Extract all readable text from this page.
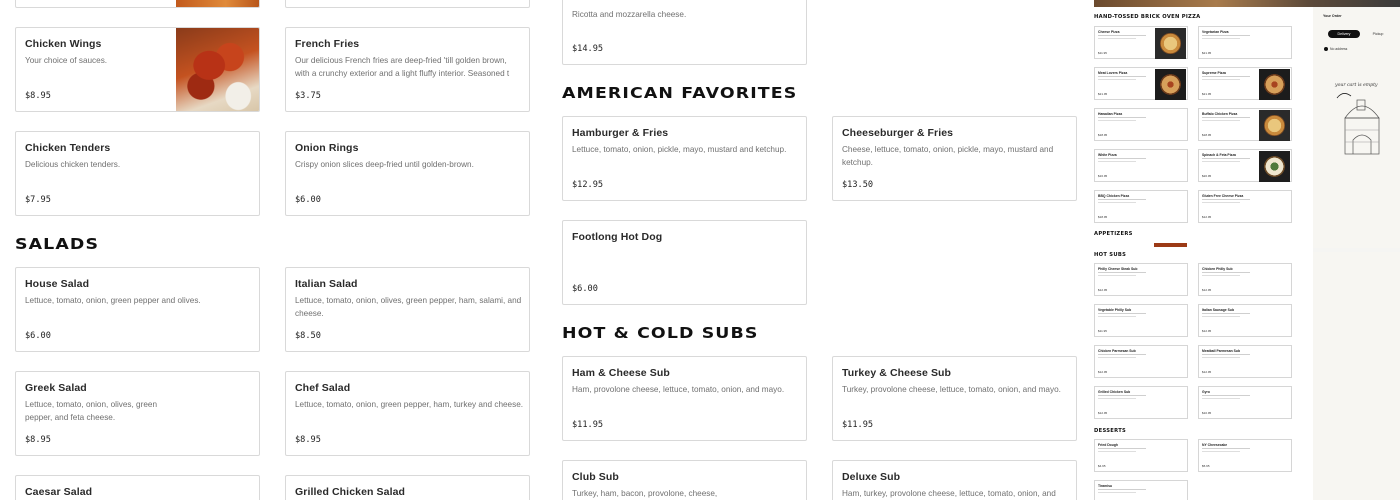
Chicken Wings
Your choice of sauces.
$8.95
French Fries
Our delicious French fries are deep-fried 'till golden brown,
with a crunchy exterior and a light fluffy interior. Seasoned t
$3.75
Chicken Tenders
Delicious chicken tenders.
$7.95
Onion Rings
Crispy onion slices deep-fried until golden-brown.
$6.00
SALADS
House Salad
Lettuce, tomato, onion, green pepper and olives.
$6.00
Italian Salad
Lettuce, tomato, onion, olives, green pepper, ham, salami, and
cheese.
$8.50
Greek Salad
Lettuce, tomato, onion, olives, green
pepper, and feta cheese.
$8.95
Chef Salad
Lettuce, tomato, onion, green pepper, ham, turkey and cheese.
$8.95
Caesar Salad	Grilled Chicken Salad
Ricotta and mozzarella cheese.
$14.95
AMERICAN FAVORITES
Hamburger & Fries
Lettuce, tomato, onion, pickle, mayo, mustard and ketchup.
$12.95
Cheeseburger & Fries
Cheese, lettuce, tomato, onion, pickle, mayo, mustard and
ketchup.
$13.50
Footlong Hot Dog
$6.00
HOT & COLD SUBS
Ham & Cheese Sub
Ham, provolone cheese, lettuce, tomato, onion, and mayo.
$11.95
Turkey & Cheese Sub
Turkey, provolone cheese, lettuce, tomato, onion, and mayo.
$11.95
Club Sub
Turkey, ham, bacon, provolone, cheese,
Deluxe Sub
Ham, turkey, provolone cheese, lettuce, tomato, onion, and
HAND-TOSSED BRICK OVEN PIZZA
Cheese Pizza
$11.95
Vegetarian Pizza
$21.95
Meat Lovers Pizza
$21.95
Supreme Pizza
$21.95
Hawaiian Pizza
$18.95
Buffalo Chicken Pizza
$18.95
White Pizza
$16.95
Spinach & Feta Pizza
$20.95
BBQ Chicken Pizza
$18.95
Gluten Free Cheese Pizza
$12.95
APPETIZERS
HOT SUBS
Philly Cheese Steak Sub
$12.95
Chicken Philly Sub
$12.95
Vegetable Philly Sub
$11.95
Italian Sausage Sub
$12.95
Chicken Parmesan Sub
$12.95
Meatball Parmesan Sub
$12.95
Grilled Chicken Sub
$12.95
Gyro
$10.95
DESSERTS
Fried Dough
$4.95
NY Cheesecake
$5.95
Tiramisu
Your Order
Delivery	Pickup
No address
your cart is empty
